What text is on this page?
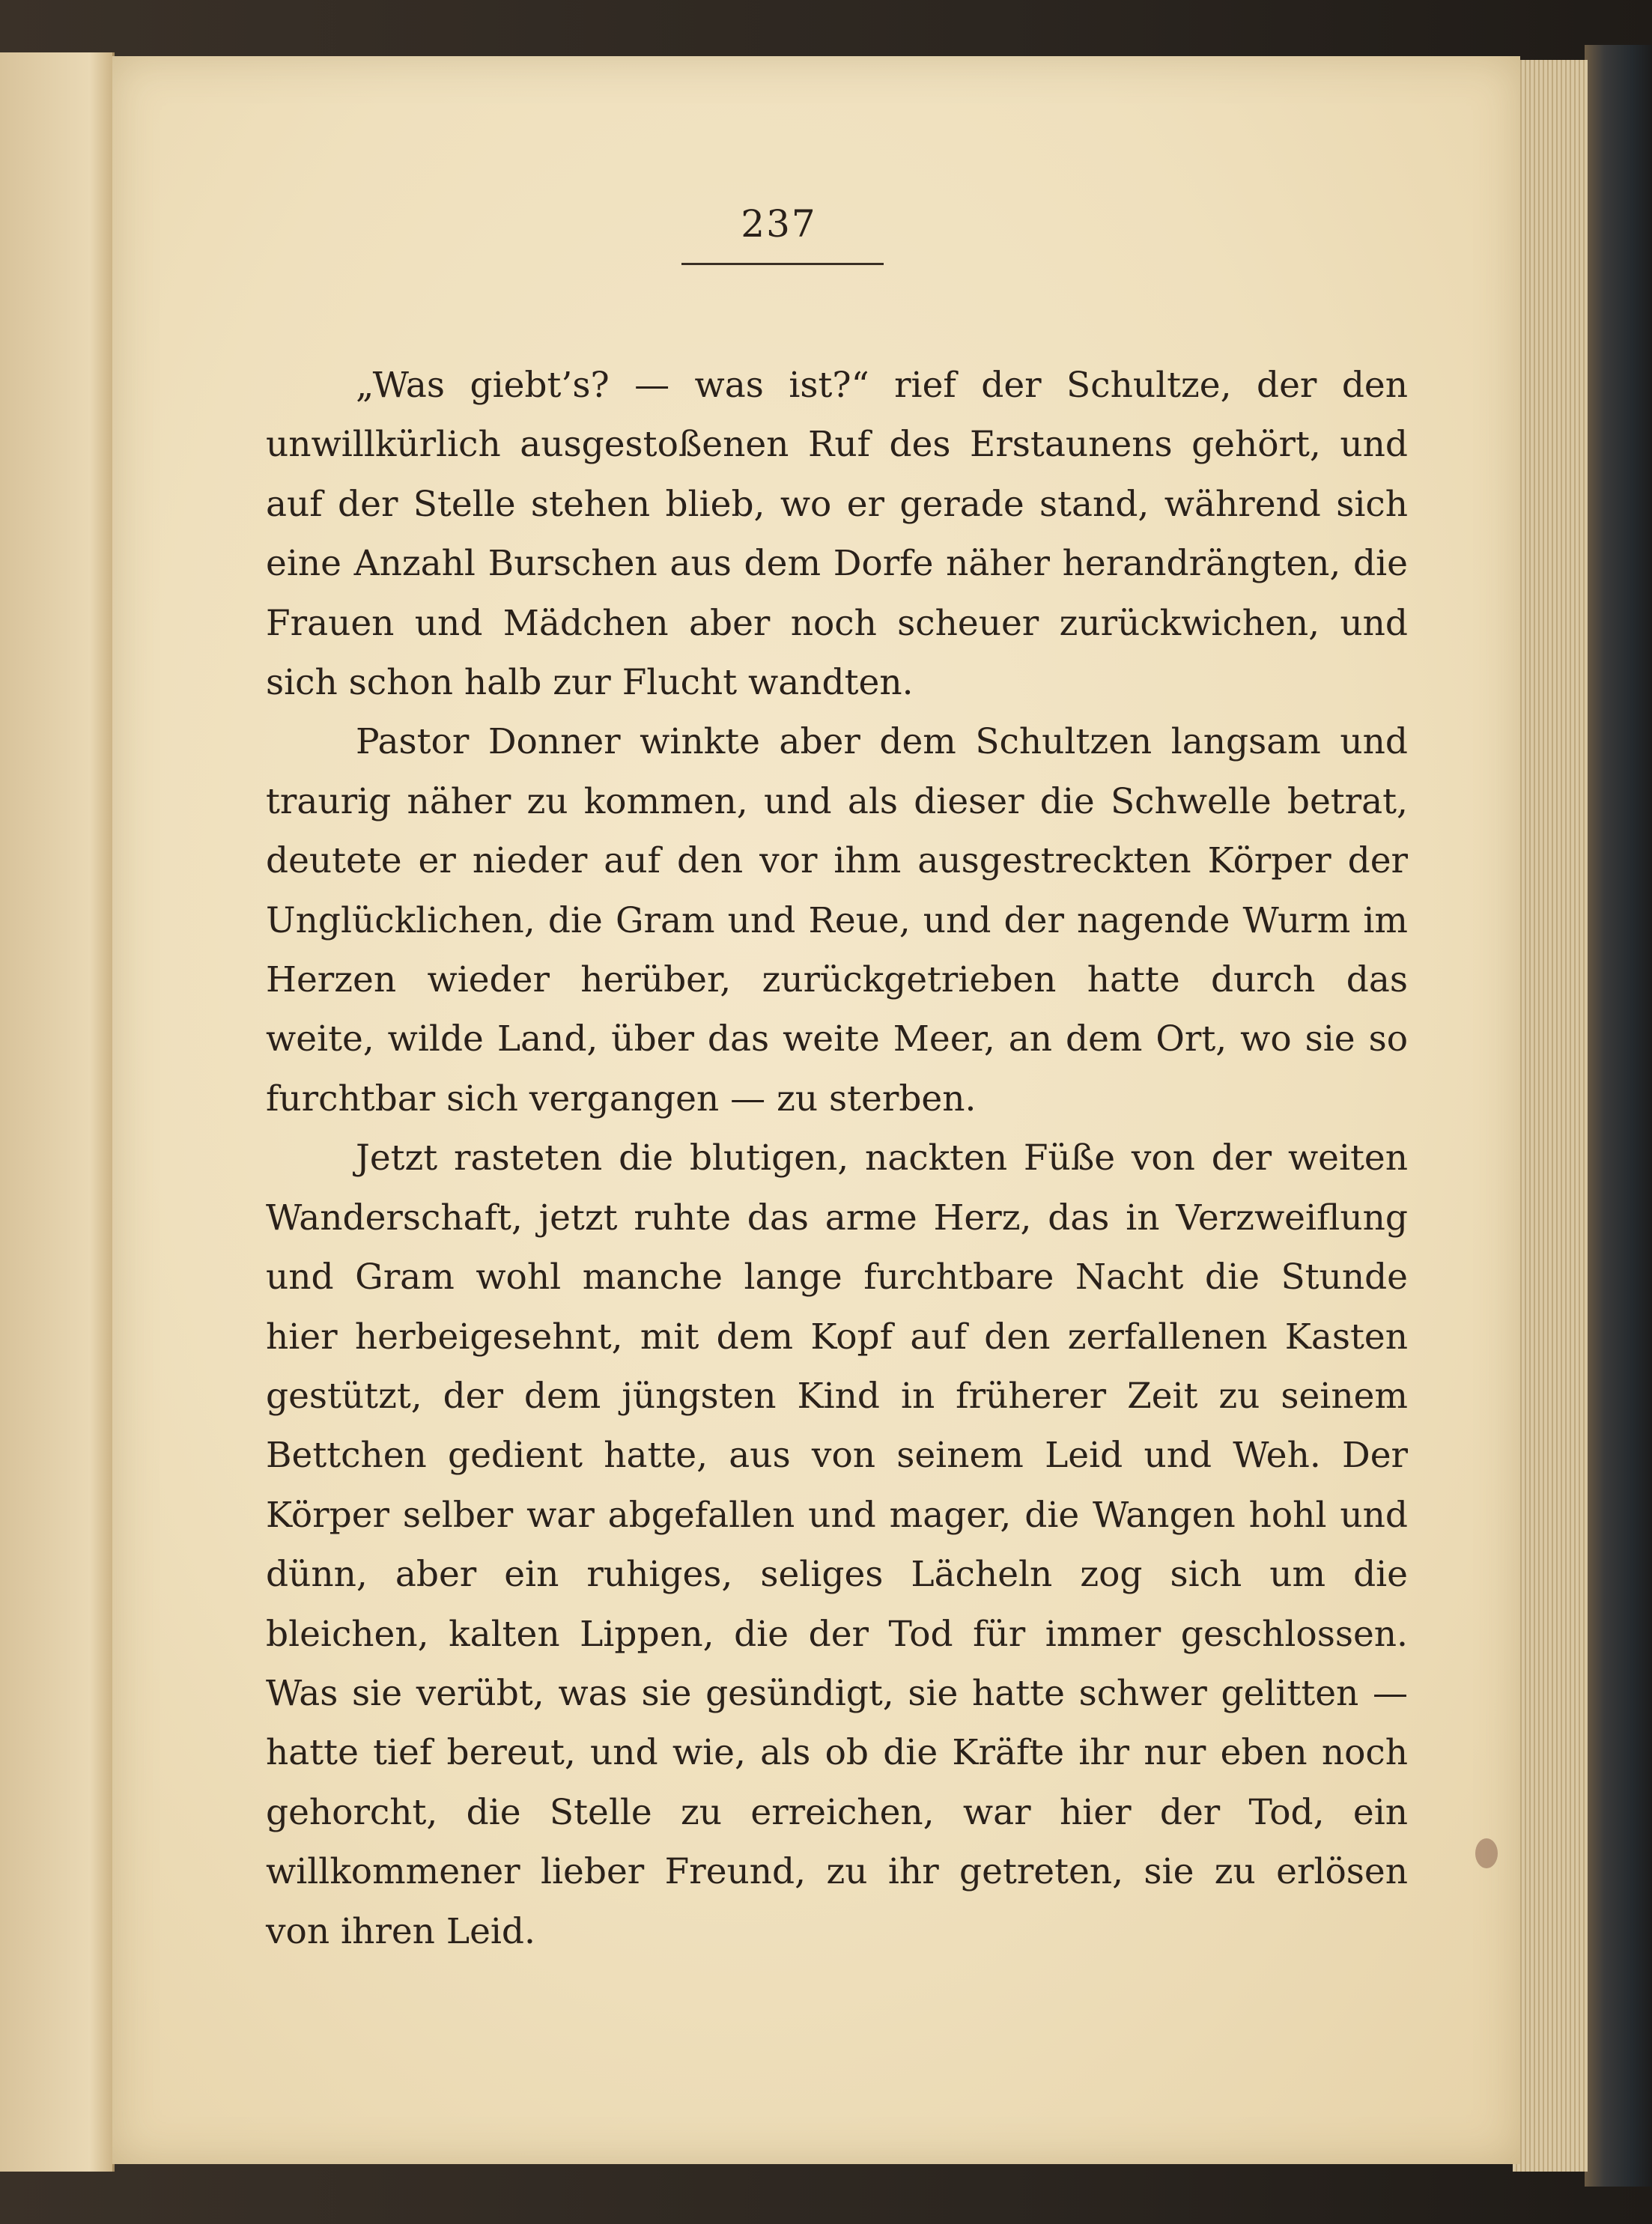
237

„Was giebt’s? — was ist?“ rief der Schultze, der den unwillkürlich ausgestoßenen Ruf des Erstaunens gehört, und auf der Stelle stehen blieb, wo er gerade stand, während sich eine Anzahl Burschen aus dem Dorfe näher herandrängten, die Frauen und Mädchen aber noch scheuer zurückwichen, und sich schon halb zur Flucht wandten.

Pastor Donner winkte aber dem Schultzen langsam und traurig näher zu kommen, und als dieser die Schwelle betrat, deutete er nieder auf den vor ihm ausgestreckten Körper der Unglücklichen, die Gram und Reue, und der nagende Wurm im Herzen wieder herüber, zurückgetrieben hatte durch das weite, wilde Land, über das weite Meer, an dem Ort, wo sie so furchtbar sich vergangen — zu sterben.

Jetzt rasteten die blutigen, nackten Füße von der weiten Wanderschaft, jetzt ruhte das arme Herz, das in Verzweiflung und Gram wohl manche lange furchtbare Nacht die Stunde hier herbeigesehnt, mit dem Kopf auf den zerfallenen Kasten gestützt, der dem jüngsten Kind in früherer Zeit zu seinem Bettchen gedient hatte, aus von seinem Leid und Weh. Der Körper selber war abgefallen und mager, die Wangen hohl und dünn, aber ein ruhiges, seliges Lächeln zog sich um die bleichen, kalten Lippen, die der Tod für immer geschlossen. Was sie verübt, was sie gesündigt, sie hatte schwer gelitten — hatte tief bereut, und wie, als ob die Kräfte ihr nur eben noch gehorcht, die Stelle zu erreichen, war hier der Tod, ein willkommener lieber Freund, zu ihr getreten, sie zu erlösen von ihren Leid.
